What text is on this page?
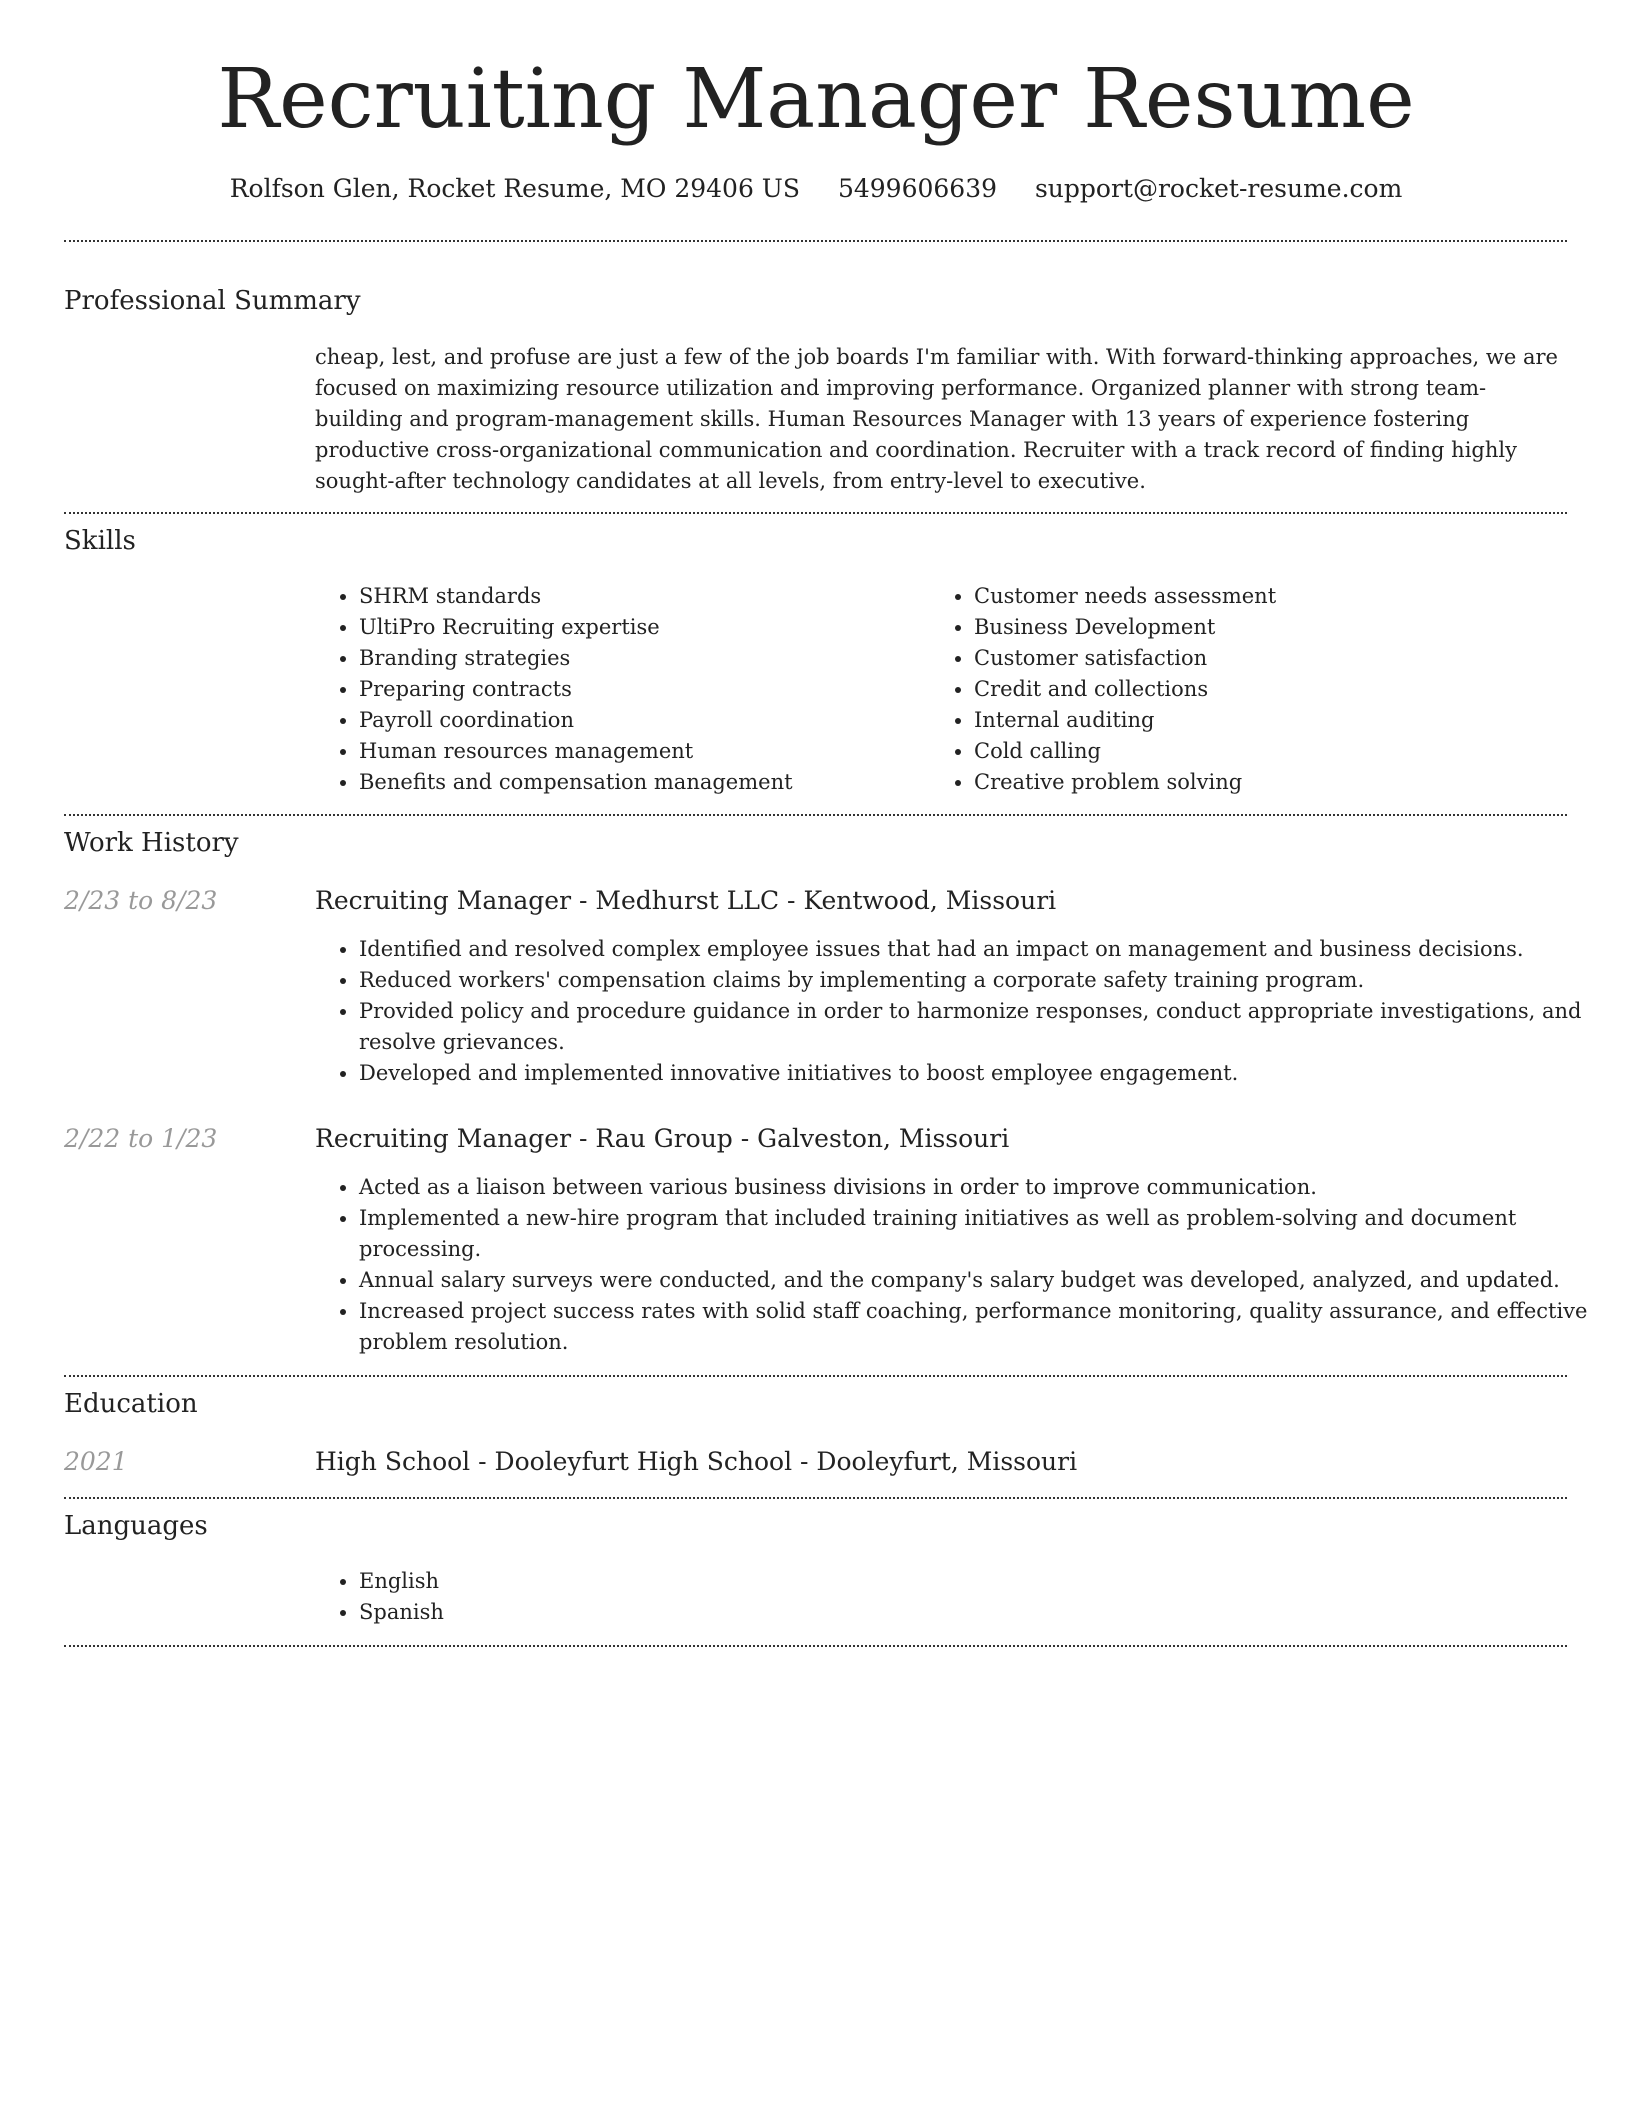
Recruiting Manager Resume
Rolfson Glen, Rocket Resume, MO 29406 US 5499606639 support@rocket-resume.com
Professional Summary
cheap, lest, and profuse are just a few of the job boards I'm familiar with. With forward-thinking approaches, we are focused on maximizing resource utilization and improving performance. Organized planner with strong team-building and program-management skills. Human Resources Manager with 13 years of experience fostering productive cross-organizational communication and coordination. Recruiter with a track record of finding highly sought-after technology candidates at all levels, from entry-level to executive.
Skills
• SHRM standards
• UltiPro Recruiting expertise
• Branding strategies
• Preparing contracts
• Payroll coordination
• Human resources management
• Benefits and compensation management
• Customer needs assessment
• Business Development
• Customer satisfaction
• Credit and collections
• Internal auditing
• Cold calling
• Creative problem solving
Work History
2/23 to 8/23	Recruiting Manager - Medhurst LLC - Kentwood, Missouri
• Identified and resolved complex employee issues that had an impact on management and business decisions.
• Reduced workers' compensation claims by implementing a corporate safety training program.
• Provided policy and procedure guidance in order to harmonize responses, conduct appropriate investigations, and resolve grievances.
• Developed and implemented innovative initiatives to boost employee engagement.
2/22 to 1/23	Recruiting Manager - Rau Group - Galveston, Missouri
• Acted as a liaison between various business divisions in order to improve communication.
• Implemented a new-hire program that included training initiatives as well as problem-solving and document processing.
• Annual salary surveys were conducted, and the company's salary budget was developed, analyzed, and updated.
• Increased project success rates with solid staff coaching, performance monitoring, quality assurance, and effective problem resolution.
Education
2021	High School - Dooleyfurt High School - Dooleyfurt, Missouri
Languages
• English
• Spanish
